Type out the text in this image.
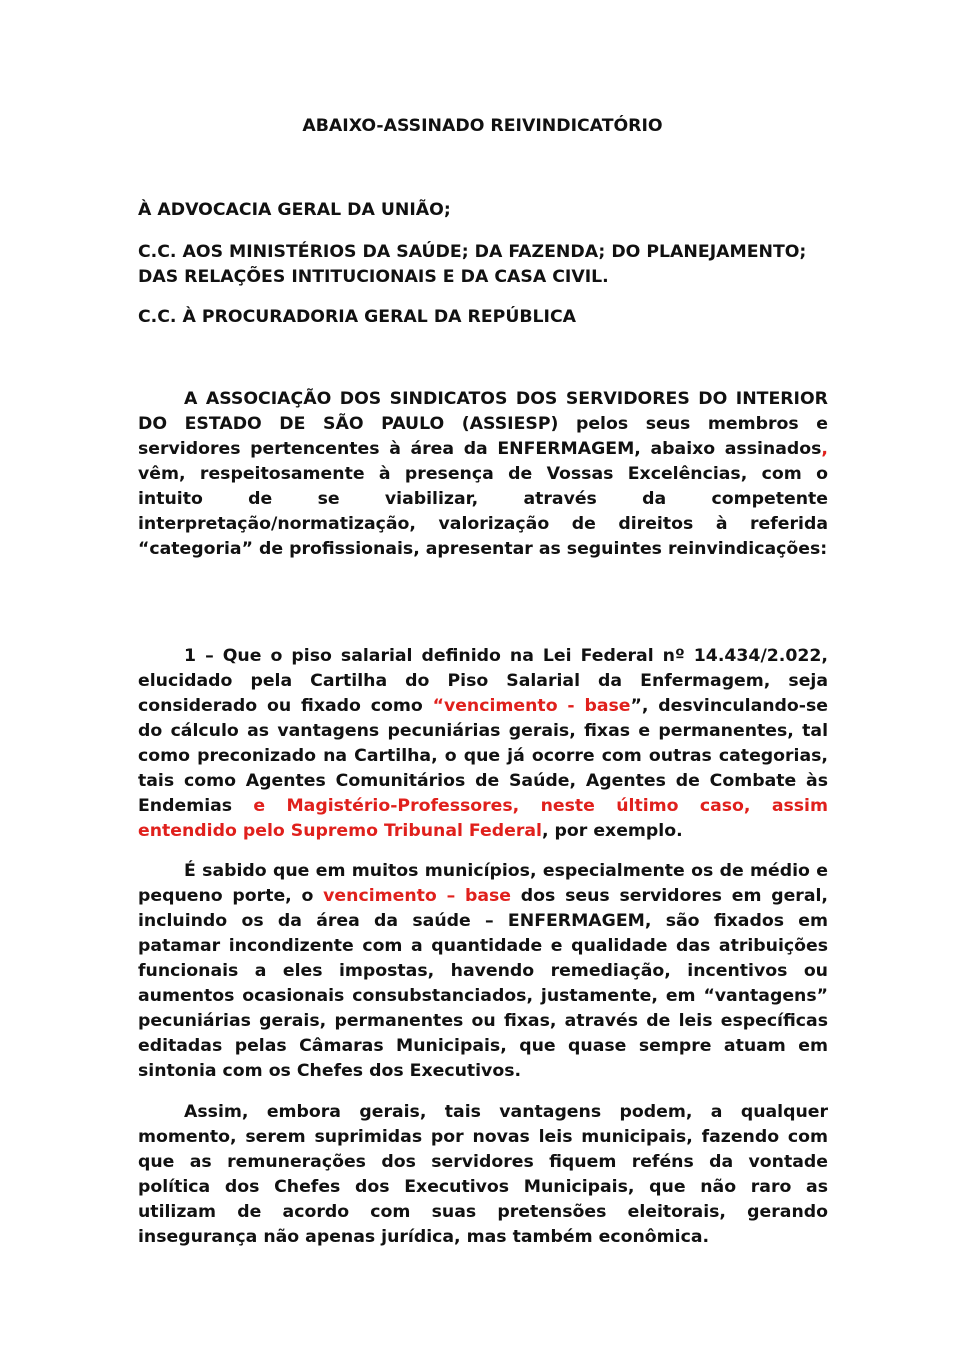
ABAIXO-ASSINADO REIVINDICATÓRIO

À ADVOCACIA GERAL DA UNIÃO;

C.C. AOS MINISTÉRIOS DA SAÚDE; DA FAZENDA; DO PLANEJAMENTO; DAS RELAÇÕES INTITUCIONAIS E DA CASA CIVIL.

C.C. À PROCURADORIA GERAL DA REPÚBLICA

A ASSOCIAÇÃO DOS SINDICATOS DOS SERVIDORES DO INTERIOR DO ESTADO DE SÃO PAULO (ASSIESP) pelos seus membros e servidores pertencentes à área da ENFERMAGEM, abaixo assinados, vêm, respeitosamente à presença de Vossas Excelências, com o intuito de se viabilizar, através da competente interpretação/normatização, valorização de direitos à referida “categoria” de profissionais, apresentar as seguintes reinvindicações:

1 – Que o piso salarial definido na Lei Federal nº 14.434/2.022, elucidado pela Cartilha do Piso Salarial da Enfermagem, seja considerado ou fixado como “vencimento - base”, desvinculando-se do cálculo as vantagens pecuniárias gerais, fixas e permanentes, tal como preconizado na Cartilha, o que já ocorre com outras categorias, tais como Agentes Comunitários de Saúde, Agentes de Combate às Endemias e Magistério-Professores, neste último caso, assim entendido pelo Supremo Tribunal Federal, por exemplo.

É sabido que em muitos municípios, especialmente os de médio e pequeno porte, o vencimento – base dos seus servidores em geral, incluindo os da área da saúde – ENFERMAGEM, são fixados em patamar incondizente com a quantidade e qualidade das atribuições funcionais a eles impostas, havendo remediação, incentivos ou aumentos ocasionais consubstanciados, justamente, em “vantagens” pecuniárias gerais, permanentes ou fixas, através de leis específicas editadas pelas Câmaras Municipais, que quase sempre atuam em sintonia com os Chefes dos Executivos.

Assim, embora gerais, tais vantagens podem, a qualquer momento, serem suprimidas por novas leis municipais, fazendo com que as remunerações dos servidores fiquem reféns da vontade política dos Chefes dos Executivos Municipais, que não raro as utilizam de acordo com suas pretensões eleitorais, gerando insegurança não apenas jurídica, mas também econômica.
